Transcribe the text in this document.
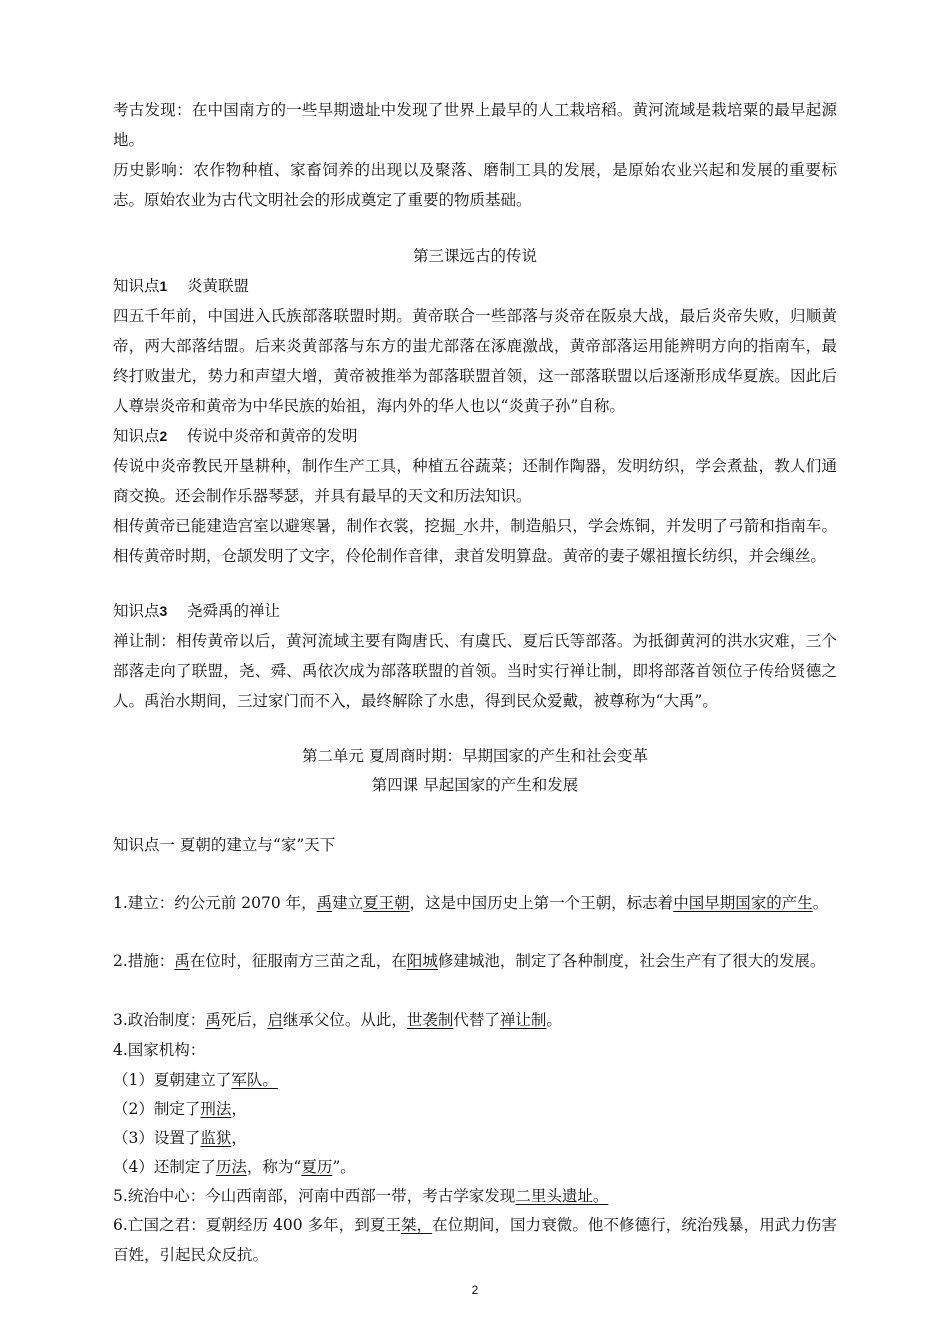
考古发现：在中国南方的一些早期遗址中发现了世界上最早的人工栽培稻。黄河流域是栽培粟的最早起源地。

历史影响：农作物种植、家畜饲养的出现以及聚落、磨制工具的发展，是原始农业兴起和发展的重要标志。原始农业为古代文明社会的形成奠定了重要的物质基础。

第三课远古的传说

知识点1 炎黄联盟

四五千年前，中国进入氏族部落联盟时期。黄帝联合一些部落与炎帝在阪泉大战，最后炎帝失败，归顺黄帝，两大部落结盟。后来炎黄部落与东方的蚩尤部落在涿鹿激战，黄帝部落运用能辨明方向的指南车，最终打败蚩尤，势力和声望大增，黄帝被推举为部落联盟首领，这一部落联盟以后逐渐形成华夏族。因此后人尊崇炎帝和黄帝为中华民族的始祖，海内外的华人也以“炎黄子孙”自称。

知识点2 传说中炎帝和黄帝的发明

传说中炎帝教民开垦耕种，制作生产工具，种植五谷蔬菜；还制作陶器，发明纺织，学会煮盐，教人们通商交换。还会制作乐器琴瑟，并具有最早的天文和历法知识。

相传黄帝已能建造宫室以避寒暑，制作衣裳，挖掘_水井，制造船只，学会炼铜，并发明了弓箭和指南车。相传黄帝时期，仓颉发明了文字，伶伦制作音律，隶首发明算盘。黄帝的妻子嫘祖擅长纺织，并会缫丝。

知识点3 尧舜禹的禅让

禅让制：相传黄帝以后，黄河流域主要有陶唐氏、有虞氏、夏后氏等部落。为抵御黄河的洪水灾难，三个部落走向了联盟，尧、舜、禹依次成为部落联盟的首领。当时实行禅让制，即将部落首领位子传给贤德之人。禹治水期间，三过家门而不入，最终解除了水患，得到民众爱戴，被尊称为“大禹”。

第二单元 夏周商时期：早期国家的产生和社会变革

第四课 早起国家的产生和发展

知识点一 夏朝的建立与“家”天下

1.建立：约公元前 2070 年，禹建立夏王朝，这是中国历史上第一个王朝，标志着中国早期国家的产生。

2.措施：禹在位时，征服南方三苗之乱，在阳城修建城池，制定了各种制度，社会生产有了很大的发展。

3.政治制度：禹死后，启继承父位。从此，世袭制代替了禅让制。

4.国家机构：

（1）夏朝建立了军队。

（2）制定了刑法，

（3）设置了监狱，

（4）还制定了历法，称为“夏历”。

5.统治中心：今山西南部，河南中西部一带，考古学家发现二里头遗址。

6.亡国之君：夏朝经历 400 多年，到夏王桀，在位期间，国力衰微。他不修德行，统治残暴，用武力伤害百姓，引起民众反抗。

2
